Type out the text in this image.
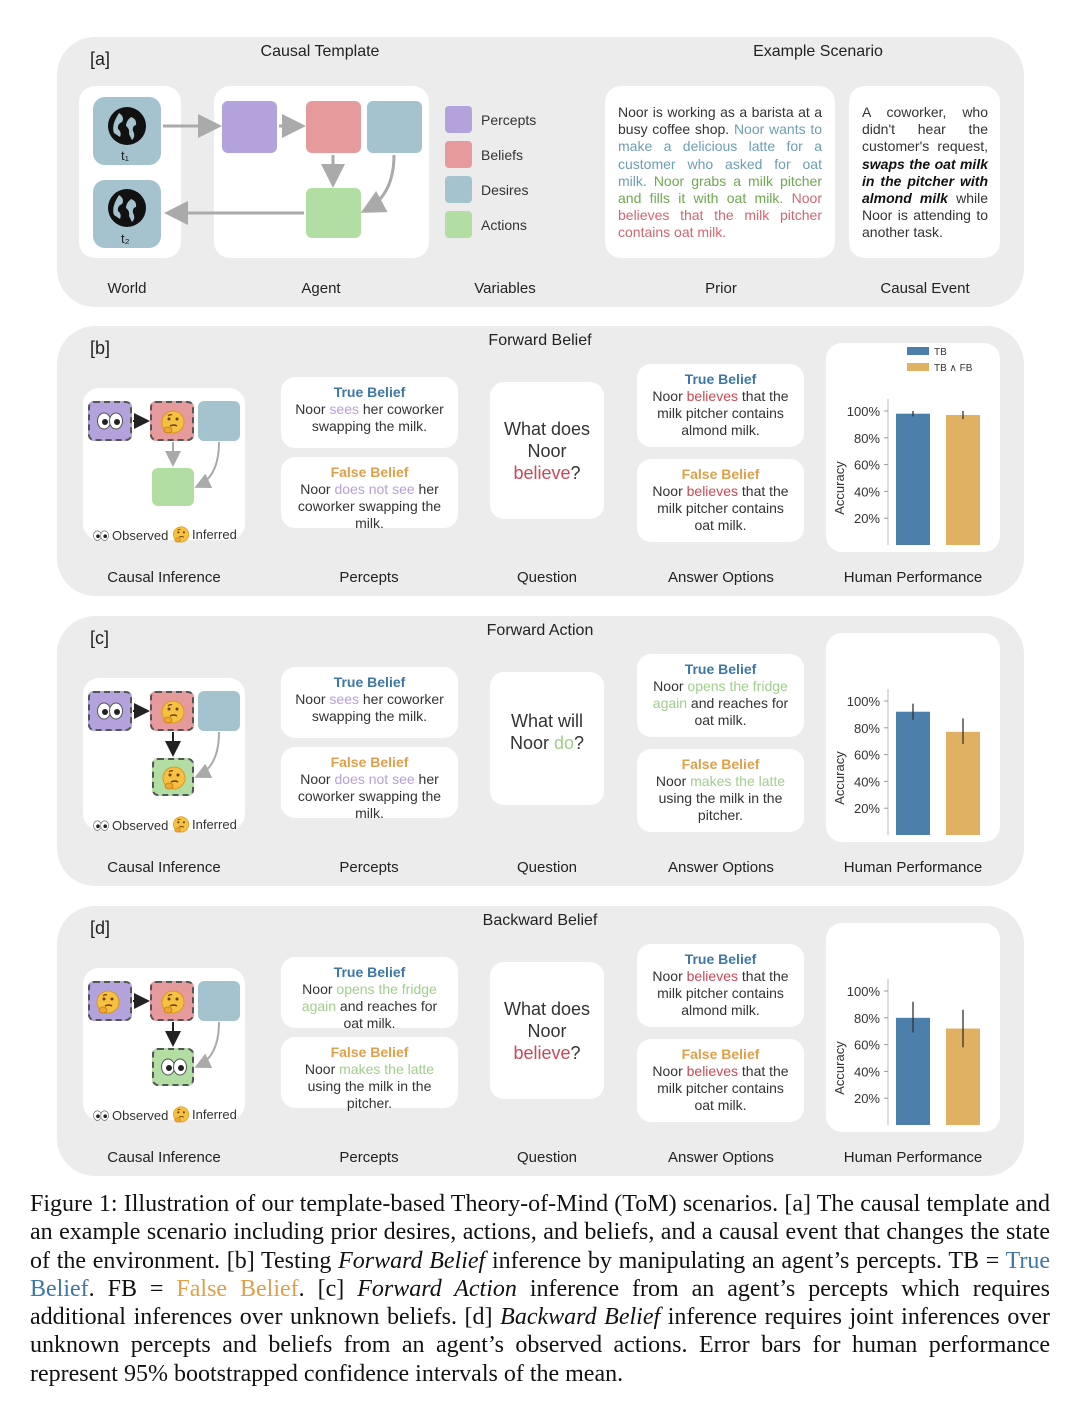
[a]	Causal Template	Example Scenario
t₁
t₂
Percepts
Beliefs
Desires
Actions
Noor is working as a barista at a busy coffee shop. Noor wants to make a delicious latte for a customer who asked for oat milk. Noor grabs a milk pitcher and fills it with oat milk. Noor believes that the milk pitcher contains oat milk.
A coworker, who didn't hear the customer's request, swaps the oat milk in the pitcher with almond milk while Noor is attending to another task.
World	Agent	Variables	Prior	Causal Event
[b]	Forward Belief
Observed	Inferred
True Belief
Noor sees her coworker swapping the milk.
False Belief
Noor does not see her coworker swapping the milk.
True Belief
Noor believes that the milk pitcher contains almond milk.
False Belief
Noor believes that the milk pitcher contains oat milk.
What does Noor believe?
20%
40%
60%
80%
100%
Accuracy
TB
TB ∧ FB
Causal Inference	Percepts	Question	Answer Options	Human Performance
[c]	Forward Action
Observed	Inferred
True Belief
Noor sees her coworker swapping the milk.
False Belief
Noor does not see her coworker swapping the milk.
True Belief
Noor opens the fridge again and reaches for oat milk.
False Belief
Noor makes the latte using the milk in the pitcher.
What will Noor do?
20%
40%
60%
80%
100%
Accuracy
Causal Inference	Percepts	Question	Answer Options	Human Performance
[d]	Backward Belief
Observed	Inferred
True Belief
Noor opens the fridge again and reaches for oat milk.
False Belief
Noor makes the latte using the milk in the pitcher.
True Belief
Noor believes that the milk pitcher contains almond milk.
False Belief
Noor believes that the milk pitcher contains oat milk.
What does Noor believe?
20%
40%
60%
80%
100%
Accuracy
Causal Inference	Percepts	Question	Answer Options	Human Performance
Figure 1: Illustration of our template-based Theory-of-Mind (ToM) scenarios. [a] The causal template and an example scenario including prior desires, actions, and beliefs, and a causal event that changes the state of the environment. [b] Testing Forward Belief inference by manipulating an agent’s percepts. TB = True Belief. FB = False Belief. [c] Forward Action inference from an agent’s percepts which requires additional inferences over unknown beliefs. [d] Backward Belief inference requires joint inferences over unknown percepts and beliefs from an agent’s observed actions. Error bars for human performance represent 95% bootstrapped confidence intervals of the mean.
